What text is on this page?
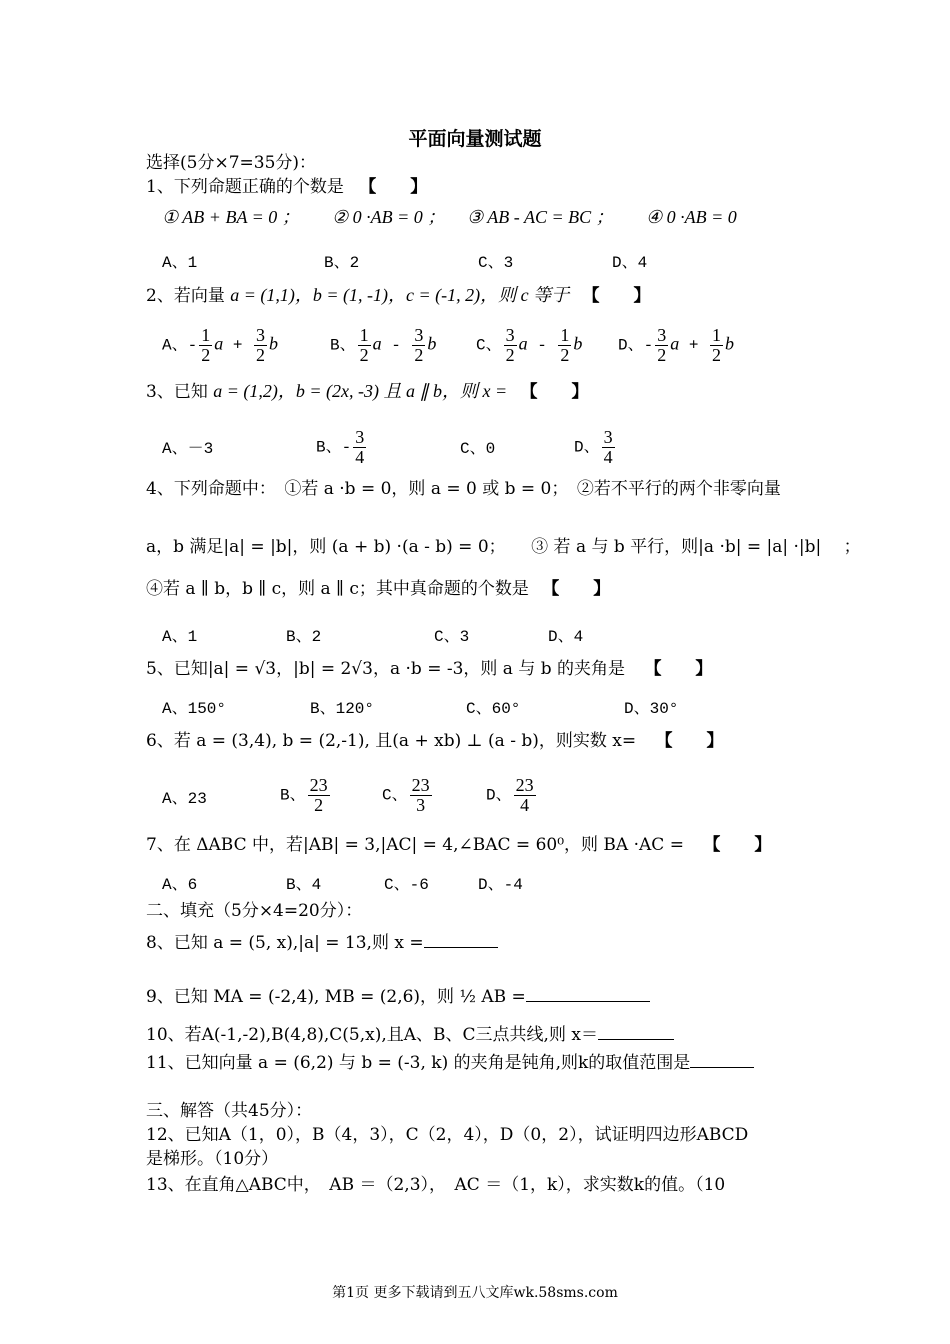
平面向量测试题
选择(5分×7=35分)：
1、下列命题正确的个数是 【　　】
① AB + BA = 0 ； ② 0 ·AB = 0 ； ③ AB - AC = BC ； ④ 0 ·AB = 0
A、1	B、2	C、3	D、4
2、若向量 a = (1,1)，b = (1, -1)，c = (-1, 2)，则 c 等于 【　　】
A、- $\frac{1}{2}$ $a + \frac{3}{2}$ b	B、 $\frac{1}{2}$ a - $\frac{3}{2}$ b C、 $\frac{3}{2}$ a - $\frac{1}{2}$ b D、- $\frac{3}{2}$ $a + \frac{1}{2}$ b
3、已知 a = (1,2)，b = (2x, -3) 且 a ∥ b，则 x = 【　　】
A、－3	B、- $\frac{3}{4}$	C、0	D、 $\frac{3}{4}$
4、下列命题中：　①若 a ·b = 0，则 a = 0 或 b = 0；　②若不平行的两个非零向量
a，b 满足|a| = |b|，则 (a + b) ·(a - b) = 0；　　③ 若 a 与 b 平行，则|a ·b| = |a| ·|b|　 ；
④若 a ∥ b，b ∥ c，则 a ∥ c；其中真命题的个数是 【　　】
A、1	B、2	C、3	D、4
5、已知|a| = √3，|b| = 2√3，a ·b = -3，则 a 与 b 的夹角是 【　　】
A、150°	B、120°	C、60°	D、30°
6、若 a = (3,4), b = (2,-1), 且(a + xb) ⊥ (a - b)，则实数 x= 【　　】
A、23	B、 $\frac{23}{2}$	C、 $\frac{23}{3}$	D、 $\frac{23}{4}$
7、在 ΔABC 中，若|AB| = 3,|AC| = 4,∠BAC = 60⁰，则 BA ·AC = 【　　】
A、6	B、4	C、-6	D、-4
二、填充（5分×4=20分）：
8、已知 a = (5, x),|a| = 13,则 x =
9、已知 MA = (-2,4), MB = (2,6)，则 ½ AB =
10、若A(-1,-2),B(4,8),C(5,x),且A、B、C三点共线,则 x＝
11、已知向量 a = (6,2) 与 b = (-3, k) 的夹角是钝角,则k的取值范围是
三、解答（共45分）：
12、已知A（1，0），B（4，3），C（2，4），D（0，2），试证明四边形ABCD
是梯形。（10分）
13、在直角△ABC中，　AB ＝（2,3），　AC ＝（1，k），求实数k的值。（10
第1页 更多下载请到五八文库wk.58sms.com
